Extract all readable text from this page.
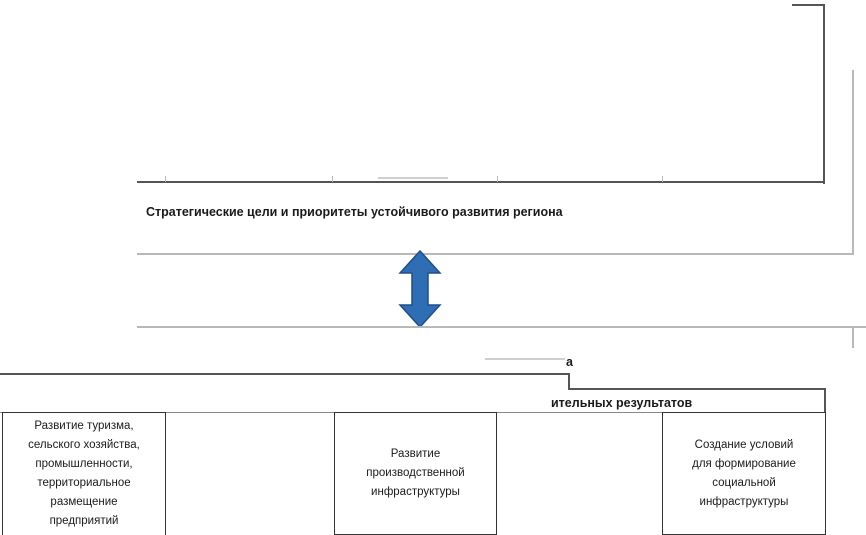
Стратегические цели и приоритеты устойчивого развития региона
а
ительных результатов
Развитие туризма,
сельского хозяйства,
промышленности,
территориальное
размещение
предприятий
Развитие
производственной
инфраструктуры
Создание условий
для формирование
социальной
инфраструктуры
